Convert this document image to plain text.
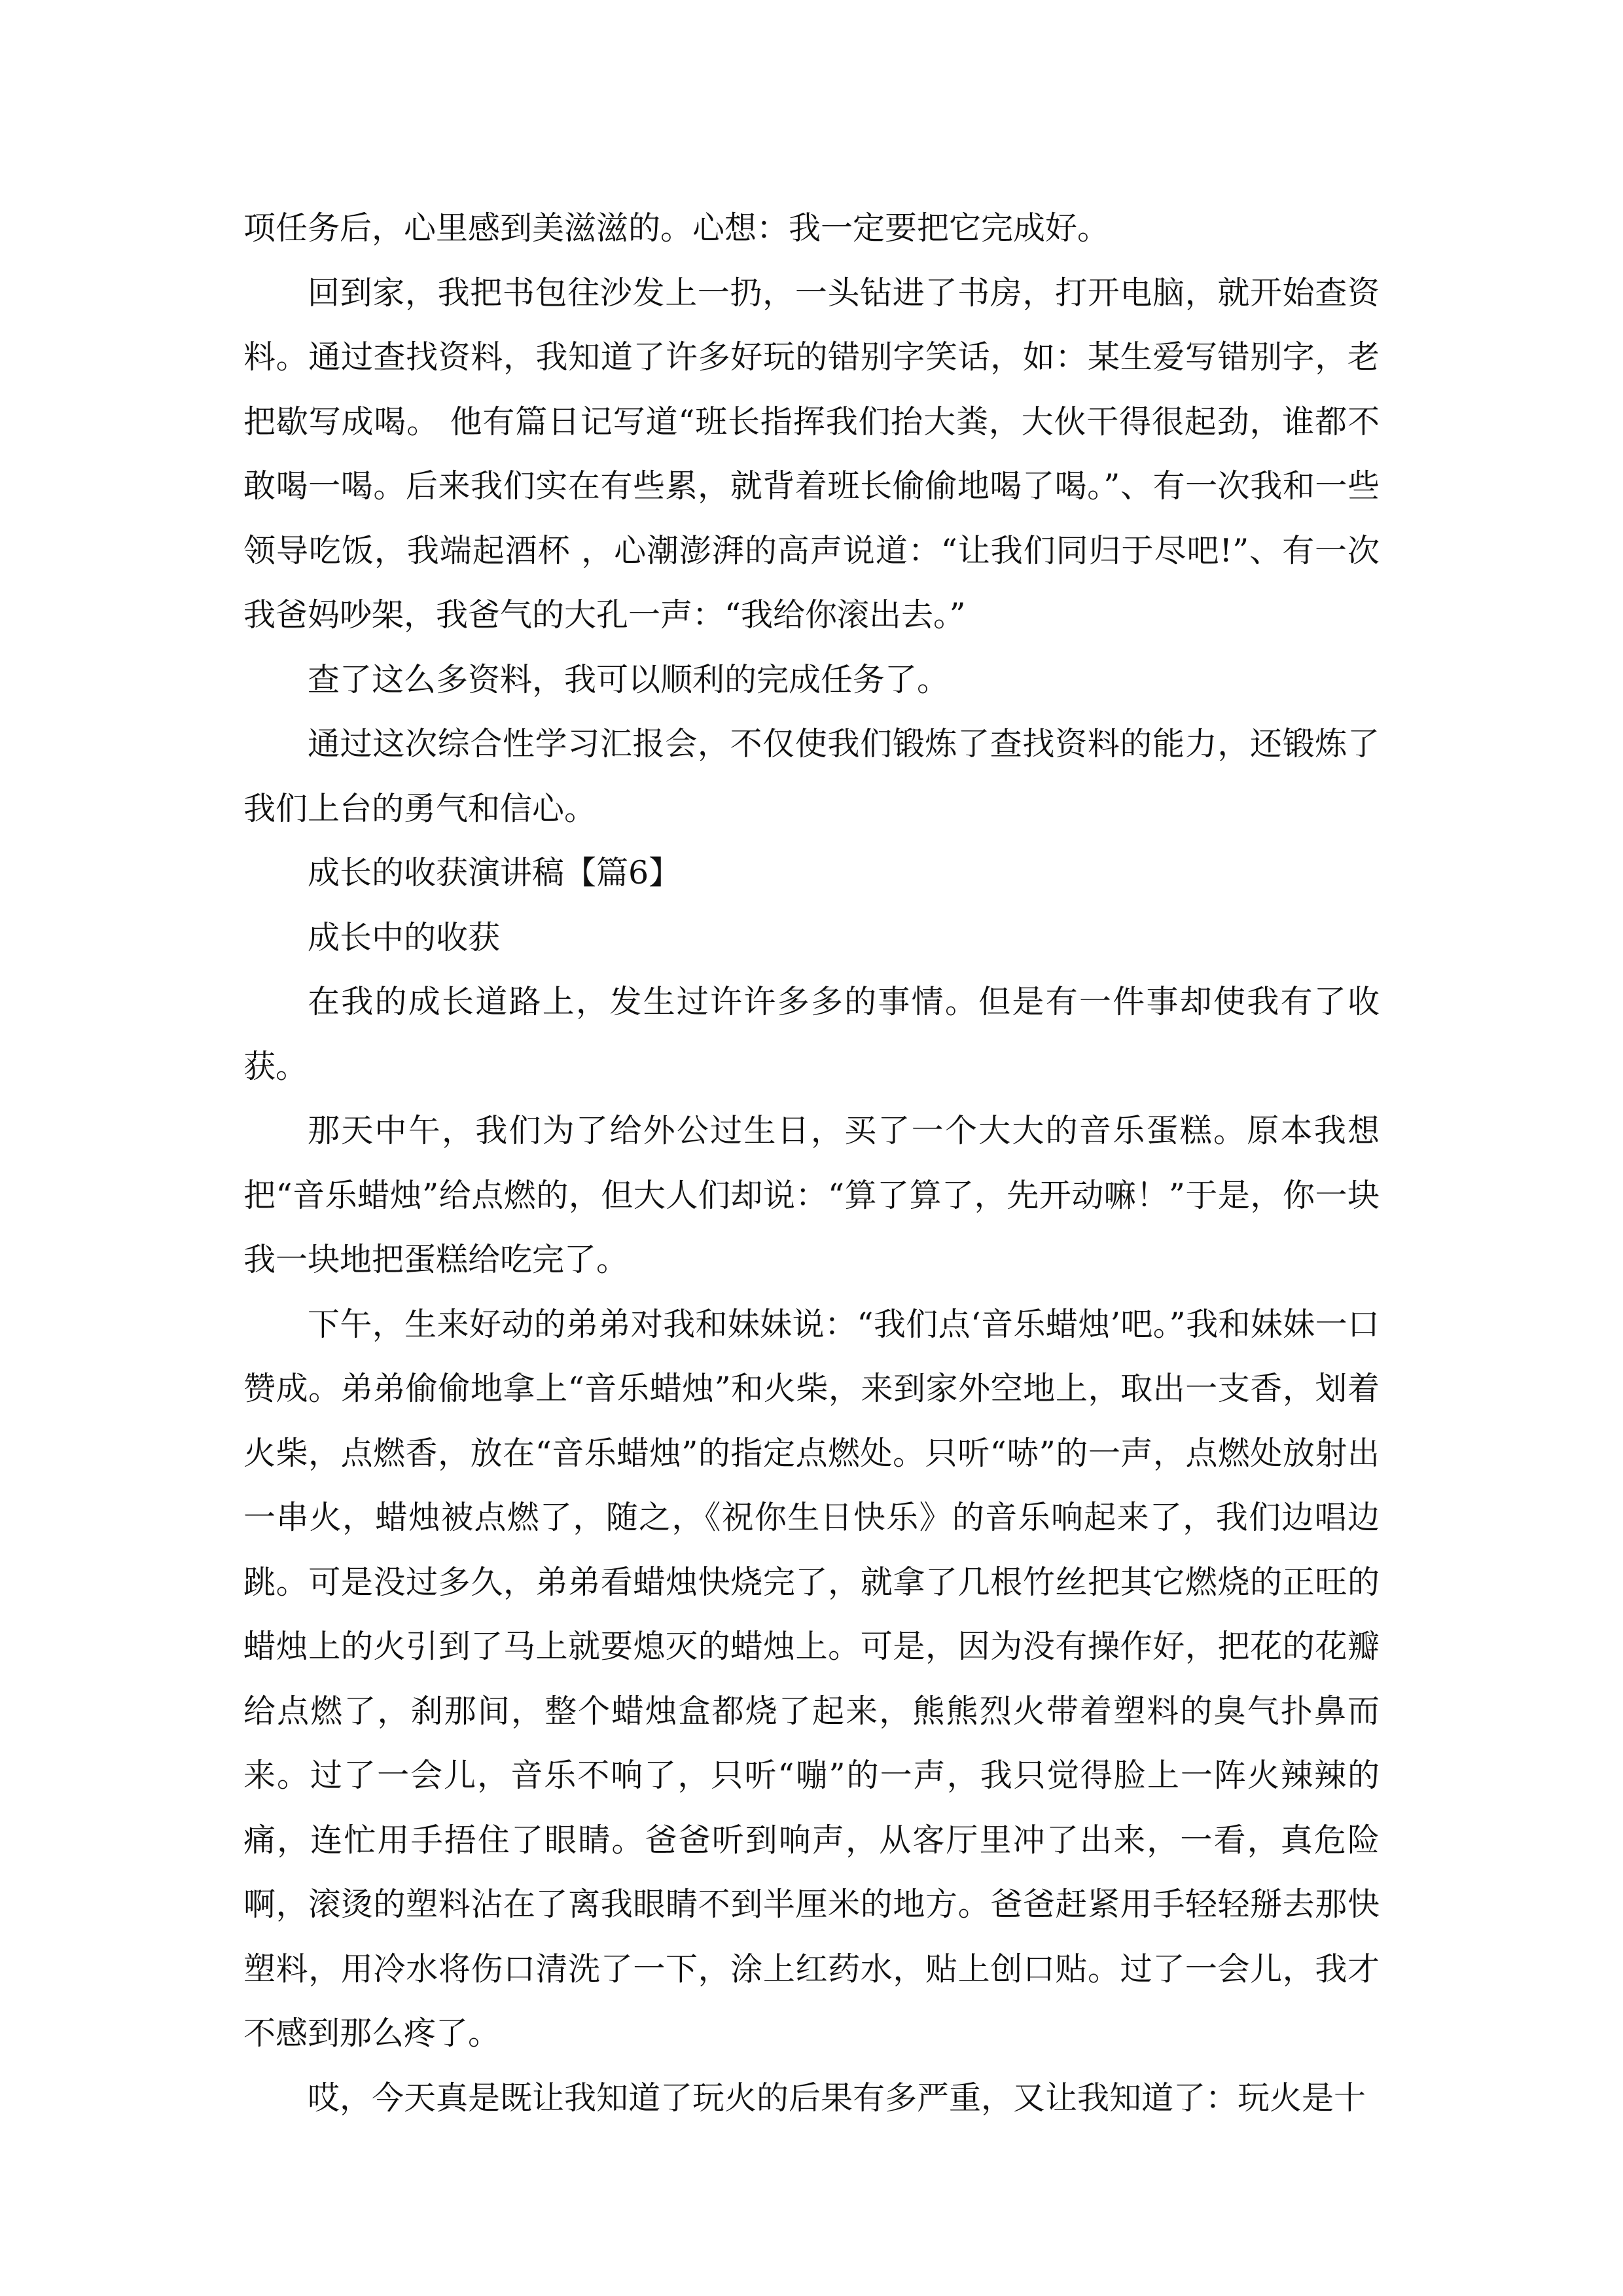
项任务后，心里感到美滋滋的。心想：我一定要把它完成好。

回到家，我把书包往沙发上一扔，一头钻进了书房，打开电脑，就开始查资料。通过查找资料，我知道了许多好玩的错别字笑话，如：某生爱写错别字，老把歇写成喝。 他有篇日记写道“班长指挥我们抬大粪，大伙干得很起劲，谁都不敢喝一喝。后来我们实在有些累，就背着班长偷偷地喝了喝。”、有一次我和一些领导吃饭，我端起酒杯 ，心潮澎湃的高声说道：“让我们同归于尽吧!”、有一次我爸妈吵架，我爸气的大孔一声：“我给你滚出去。”

查了这么多资料，我可以顺利的完成任务了。

通过这次综合性学习汇报会，不仅使我们锻炼了查找资料的能力，还锻炼了我们上台的勇气和信心。

成长的收获演讲稿【篇6】

成长中的收获

在我的成长道路上，发生过许许多多的事情。但是有一件事却使我有了收获。

那天中午，我们为了给外公过生日，买了一个大大的音乐蛋糕。原本我想把“音乐蜡烛”给点燃的，但大人们却说：“算了算了，先开动嘛！”于是，你一块我一块地把蛋糕给吃完了。

下午，生来好动的弟弟对我和妹妹说：“我们点‘音乐蜡烛’吧。”我和妹妹一口赞成。弟弟偷偷地拿上“音乐蜡烛”和火柴，来到家外空地上，取出一支香，划着火柴，点燃香，放在“音乐蜡烛”的指定点燃处。只听“哧”的一声，点燃处放射出一串火，蜡烛被点燃了，随之，《祝你生日快乐》的音乐响起来了，我们边唱边跳。可是没过多久，弟弟看蜡烛快烧完了，就拿了几根竹丝把其它燃烧的正旺的蜡烛上的火引到了马上就要熄灭的蜡烛上。可是，因为没有操作好，把花的花瓣给点燃了，刹那间，整个蜡烛盒都烧了起来，熊熊烈火带着塑料的臭气扑鼻而来。过了一会儿，音乐不响了，只听“嘣”的一声，我只觉得脸上一阵火辣辣的痛，连忙用手捂住了眼睛。爸爸听到响声，从客厅里冲了出来，一看，真危险啊，滚烫的塑料沾在了离我眼睛不到半厘米的地方。爸爸赶紧用手轻轻掰去那快塑料，用冷水将伤口清洗了一下，涂上红药水，贴上创口贴。过了一会儿，我才不感到那么疼了。

哎，今天真是既让我知道了玩火的后果有多严重，又让我知道了：玩火是十
